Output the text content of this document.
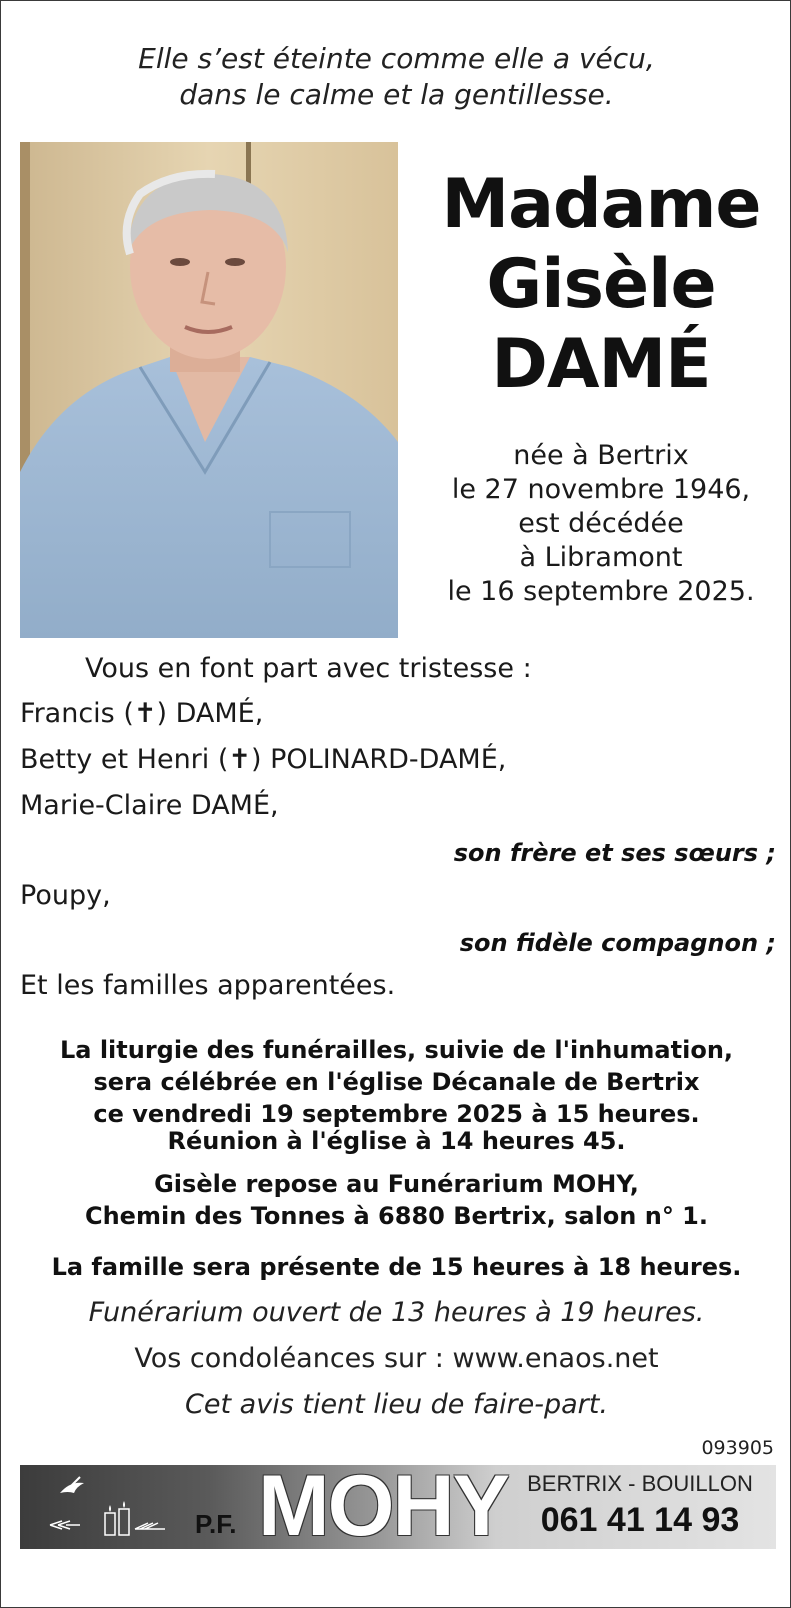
Elle s’est éteinte comme elle a vécu,
dans le calme et la gentillesse.
Madame
Gisèle
DAMÉ
née à Bertrix
le 27 novembre 1946,
est décédée
à Libramont
le 16 septembre 2025.
Vous en font part avec tristesse :
Francis (✝) DAMÉ,
Betty et Henri (✝) POLINARD-DAMÉ,
Marie-Claire DAMÉ,
son frère et ses sœurs ;
Poupy,
son fidèle compagnon ;
Et les familles apparentées.
La liturgie des funérailles, suivie de l'inhumation,
sera célébrée en l'église Décanale de Bertrix
ce vendredi 19 septembre 2025 à 15 heures.
Réunion à l'église à 14 heures 45.
Gisèle repose au Funérarium MOHY,
Chemin des Tonnes à 6880 Bertrix, salon n° 1.
La famille sera présente de 15 heures à 18 heures.
Funérarium ouvert de 13 heures à 19 heures.
Vos condoléances sur : www.enaos.net
Cet avis tient lieu de faire-part.
093905
P.F. MOHY BERTRIX - BOUILLON
061 41 14 93
